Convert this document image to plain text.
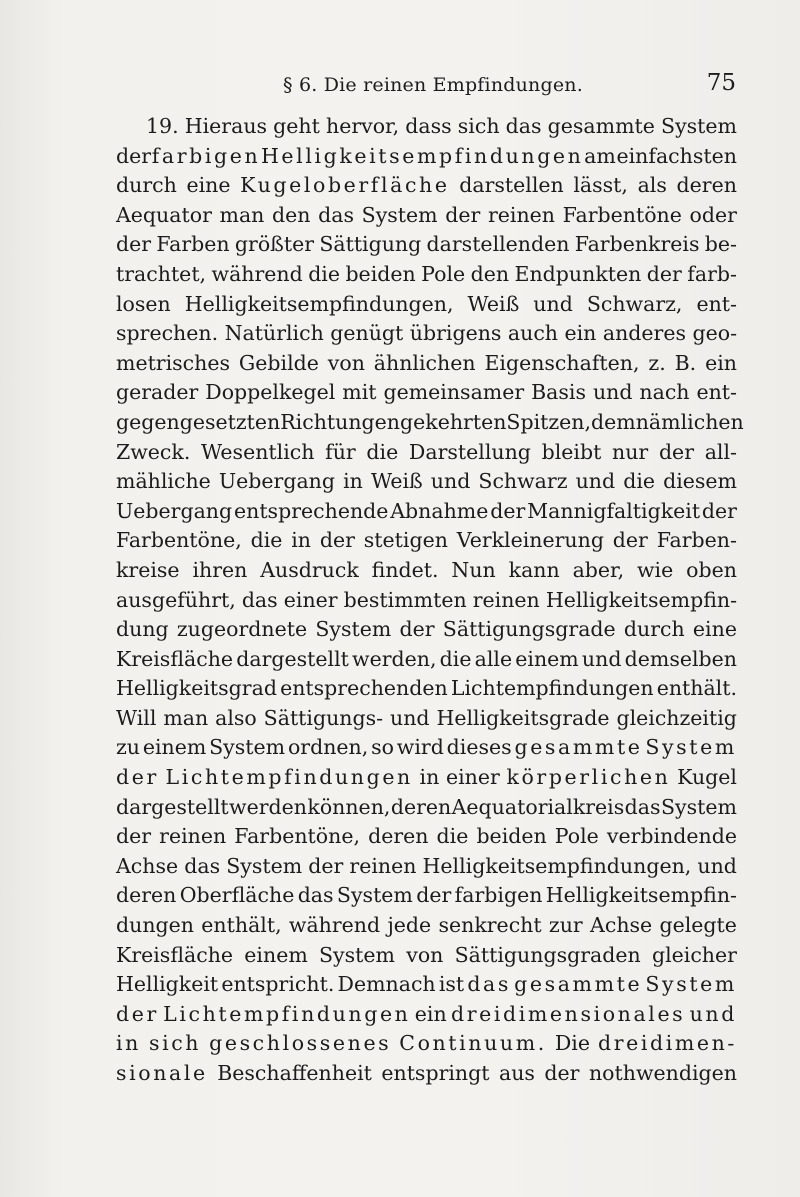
§ 6. Die reinen Empfindungen.	75
19. Hieraus geht hervor, dass sich das gesammte System
der farbigen Helligkeitsempfindungen am einfachsten
durch eine Kugeloberfläche darstellen lässt, als deren
Aequator man den das System der reinen Farbentöne oder
der Farben größter Sättigung darstellenden Farbenkreis be-
trachtet, während die beiden Pole den Endpunkten der farb-
losen Helligkeitsempfindungen, Weiß und Schwarz, ent-
sprechen. Natürlich genügt übrigens auch ein anderes geo-
metrisches Gebilde von ähnlichen Eigenschaften, z. B. ein
gerader Doppelkegel mit gemeinsamer Basis und nach ent-
gegengesetzten Richtungen gekehrten Spitzen, dem nämlichen
Zweck. Wesentlich für die Darstellung bleibt nur der all-
mähliche Uebergang in Weiß und Schwarz und die diesem
Uebergang entsprechende Abnahme der Mannigfaltigkeit der
Farbentöne, die in der stetigen Verkleinerung der Farben-
kreise ihren Ausdruck findet. Nun kann aber, wie oben
ausgeführt, das einer bestimmten reinen Helligkeitsempfin-
dung zugeordnete System der Sättigungsgrade durch eine
Kreisfläche dargestellt werden, die alle einem und demselben
Helligkeitsgrad entsprechenden Lichtempfindungen enthält.
Will man also Sättigungs- und Helligkeitsgrade gleichzeitig
zu einem System ordnen, so wird dieses gesammte System
der Lichtempfindungen in einer körperlichen Kugel
dargestellt werden können, deren Aequatorialkreis das System
der reinen Farbentöne, deren die beiden Pole verbindende
Achse das System der reinen Helligkeitsempfindungen, und
deren Oberfläche das System der farbigen Helligkeitsempfin-
dungen enthält, während jede senkrecht zur Achse gelegte
Kreisfläche einem System von Sättigungsgraden gleicher
Helligkeit entspricht. Demnach ist das gesammte System
der Lichtempfindungen ein dreidimensionales und
in sich geschlossenes Continuum. Die dreidimen-
sionale Beschaffenheit entspringt aus der nothwendigen
